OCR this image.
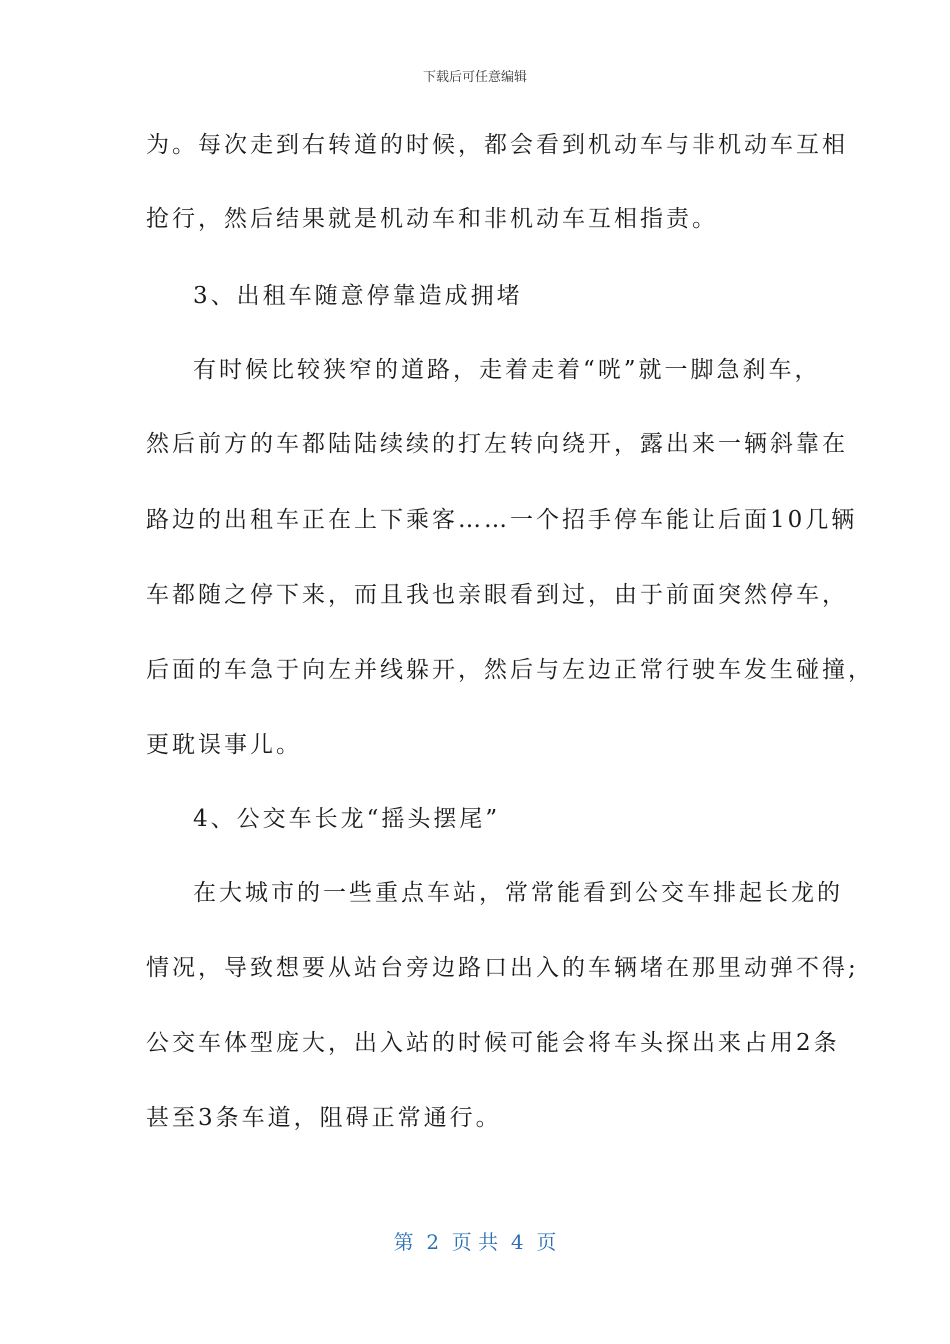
下载后可任意编辑
为。每次走到右转道的时候，都会看到机动车与非机动车互相
抢行，然后结果就是机动车和非机动车互相指责。
3、出租车随意停靠造成拥堵
有时候比较狭窄的道路，走着走着“咣”就一脚急刹车，
然后前方的车都陆陆续续的打左转向绕开，露出来一辆斜靠在
路边的出租车正在上下乘客……一个招手停车能让后面10几辆
车都随之停下来，而且我也亲眼看到过，由于前面突然停车，
后面的车急于向左并线躲开，然后与左边正常行驶车发生碰撞，
更耽误事儿。
4、公交车长龙“摇头摆尾”
在大城市的一些重点车站，常常能看到公交车排起长龙的
情况，导致想要从站台旁边路口出入的车辆堵在那里动弹不得;
公交车体型庞大，出入站的时候可能会将车头探出来占用2条
甚至3条车道，阻碍正常通行。
第  2  页 共  4  页
